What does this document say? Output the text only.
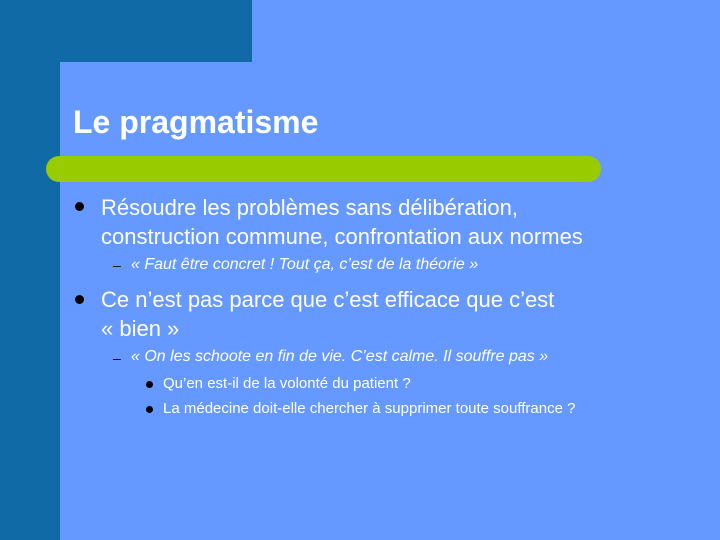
Le pragmatisme
Résoudre les problèmes sans délibération,
construction commune, confrontation aux normes
– « Faut être concret ! Tout ça, c’est de la théorie »
Ce n’est pas parce que c’est efficace que c’est
« bien »
– « On les schoote en fin de vie. C’est calme. Il souffre pas »
Qu’en est-il de la volonté du patient ?
La médecine doit-elle chercher à supprimer toute souffrance ?
